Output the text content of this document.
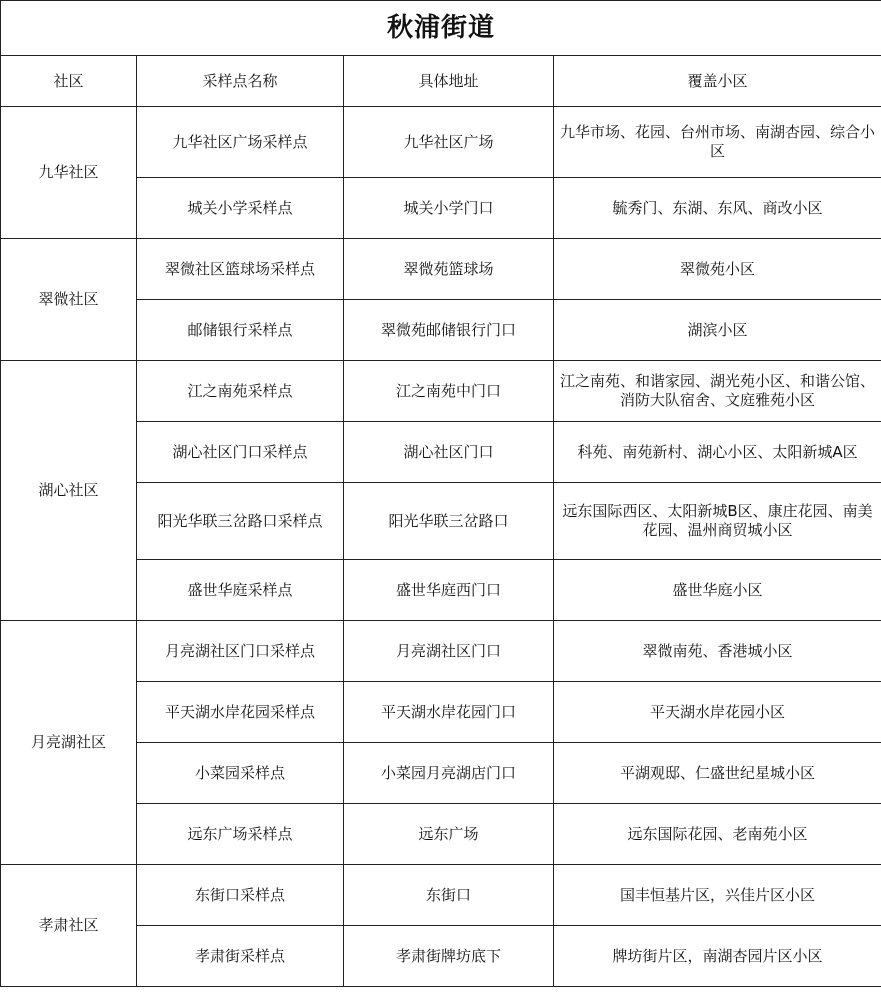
秋浦街道			
社区	采样点名称	具体地址	覆盖小区
九华社区	九华社区广场采样点	九华社区广场	九华市场、花园、台州市场、南湖杏园、综合小区
	城关小学采样点	城关小学门口	毓秀门、东湖、东风、商改小区
翠微社区	翠微社区篮球场采样点	翠微苑篮球场	翠微苑小区
	邮储银行采样点	翠微苑邮储银行门口	湖滨小区
湖心社区	江之南苑采样点	江之南苑中门口	江之南苑、和谐家园、湖光苑小区、和谐公馆、消防大队宿舍、文庭雅苑小区
	湖心社区门口采样点	湖心社区门口	科苑、南苑新村、湖心小区、太阳新城A区
	阳光华联三岔路口采样点	阳光华联三岔路口	远东国际西区、太阳新城B区、康庄花园、南美花园、温州商贸城小区
	盛世华庭采样点	盛世华庭西门口	盛世华庭小区
月亮湖社区	月亮湖社区门口采样点	月亮湖社区门口	翠微南苑、香港城小区
	平天湖水岸花园采样点	平天湖水岸花园门口	平天湖水岸花园小区
	小菜园采样点	小菜园月亮湖店门口	平湖观邸、仁盛世纪星城小区
	远东广场采样点	远东广场	远东国际花园、老南苑小区
孝肃社区	东街口采样点	东街口	国丰恒基片区，兴佳片区小区
	孝肃街采样点	孝肃街牌坊底下	牌坊街片区，南湖杏园片区小区
